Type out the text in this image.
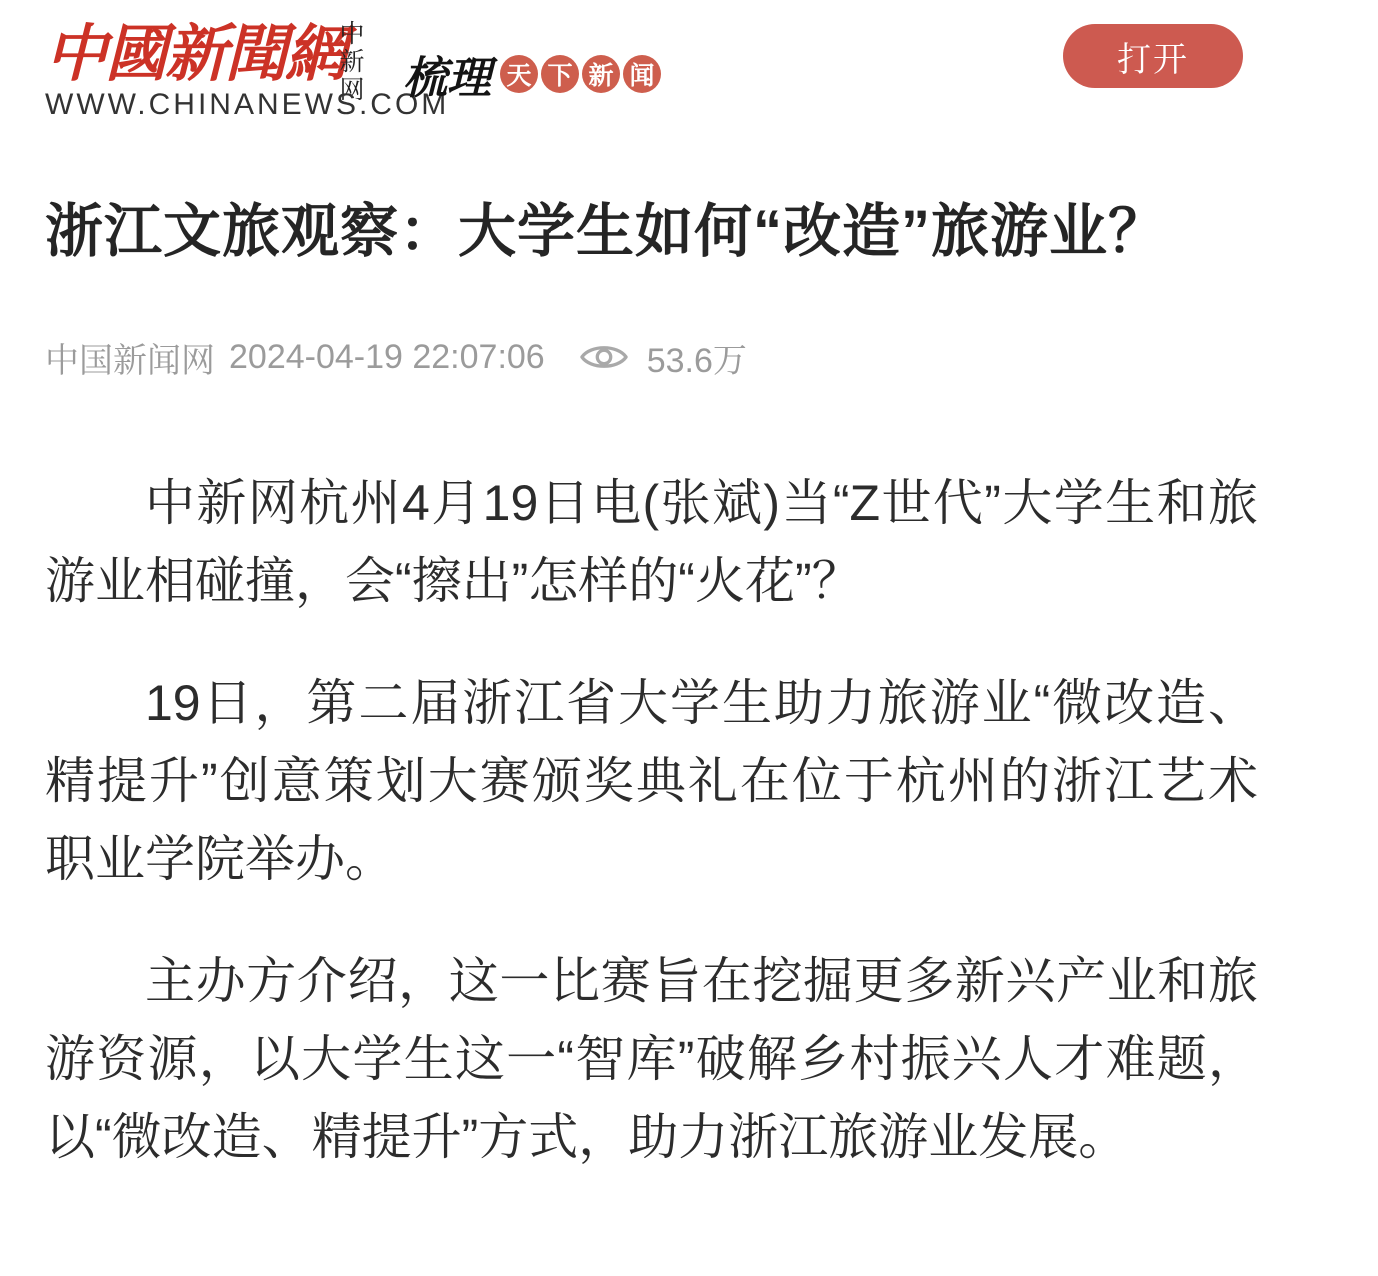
中國新聞網
中新网
WWW.CHINANEWS.COM
梳理 天 下 新 闻	打开
浙江文旅观察：大学生如何“改造”旅游业？
中国新闻网 2024-04-19 22:07:06	53.6万

中新网杭州4月19日电(张斌)当“Z世代”大学生和旅游业相碰撞，会“擦出”怎样的“火花”？

19日，第二届浙江省大学生助力旅游业“微改造、精提升”创意策划大赛颁奖典礼在位于杭州的浙江艺术职业学院举办。

主办方介绍，这一比赛旨在挖掘更多新兴产业和旅游资源，以大学生这一“智库”破解乡村振兴人才难题，以“微改造、精提升”方式，助力浙江旅游业发展。
